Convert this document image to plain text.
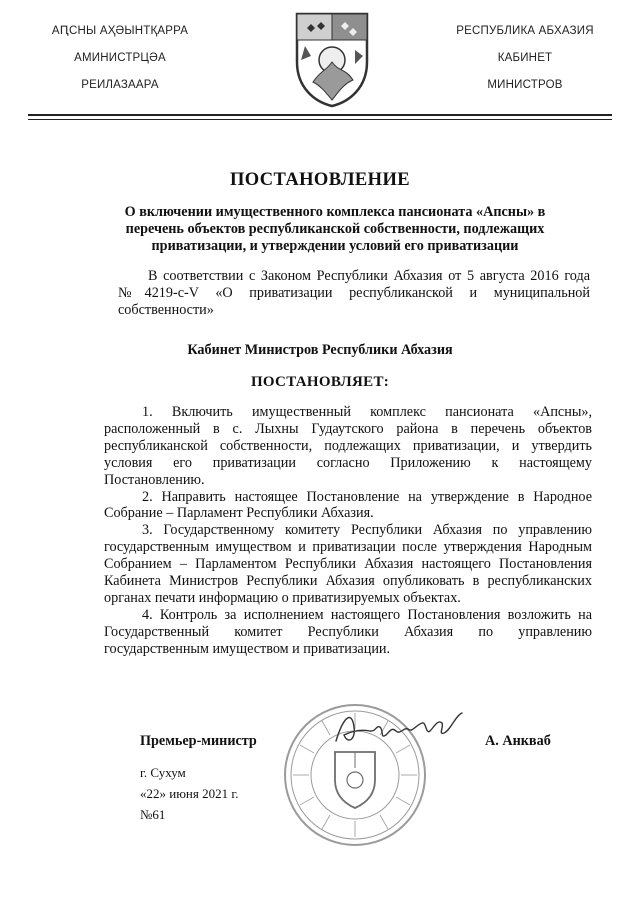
АԤСНЫ АҲӘЫНТҚАРРА
АМИНИСТРЦӘА
РЕИЛАЗААРА
РЕСПУБЛИКА АБХАЗИЯ
КАБИНЕТ
МИНИСТРОВ
ПОСТАНОВЛЕНИЕ
О включении имущественного комплекса пансионата «Апсны» в перечень объектов республиканской собственности, подлежащих приватизации, и утверждении условий его приватизации
В соответствии с Законом Республики Абхазия от 5 августа 2016 года №4219-с-V «О приватизации республиканской и муниципальной собственности»
Кабинет Министров Республики Абхазия
ПОСТАНОВЛЯЕТ:

1. Включить имущественный комплекс пансионата «Апсны», расположенный в с. Лыхны Гудаутского района в перечень объектов республиканской собственности, подлежащих приватизации, и утвердить условия его приватизации согласно Приложению к настоящему Постановлению.

2. Направить настоящее Постановление на утверждение в Народное Собрание – Парламент Республики Абхазия.

3. Государственному комитету Республики Абхазия по управлению государственным имуществом и приватизации после утверждения Народным Собранием – Парламентом Республики Абхазия настоящего Постановления Кабинета Министров Республики Абхазия опубликовать в республиканских органах печати информацию о приватизируемых объектах.

4. Контроль за исполнением настоящего Постановления возложить на Государственный комитет Республики Абхазия по управлению государственным имуществом и приватизации.

Премьер-министр	А. Анкваб
г. Сухум
«22» июня 2021 г.
№61
